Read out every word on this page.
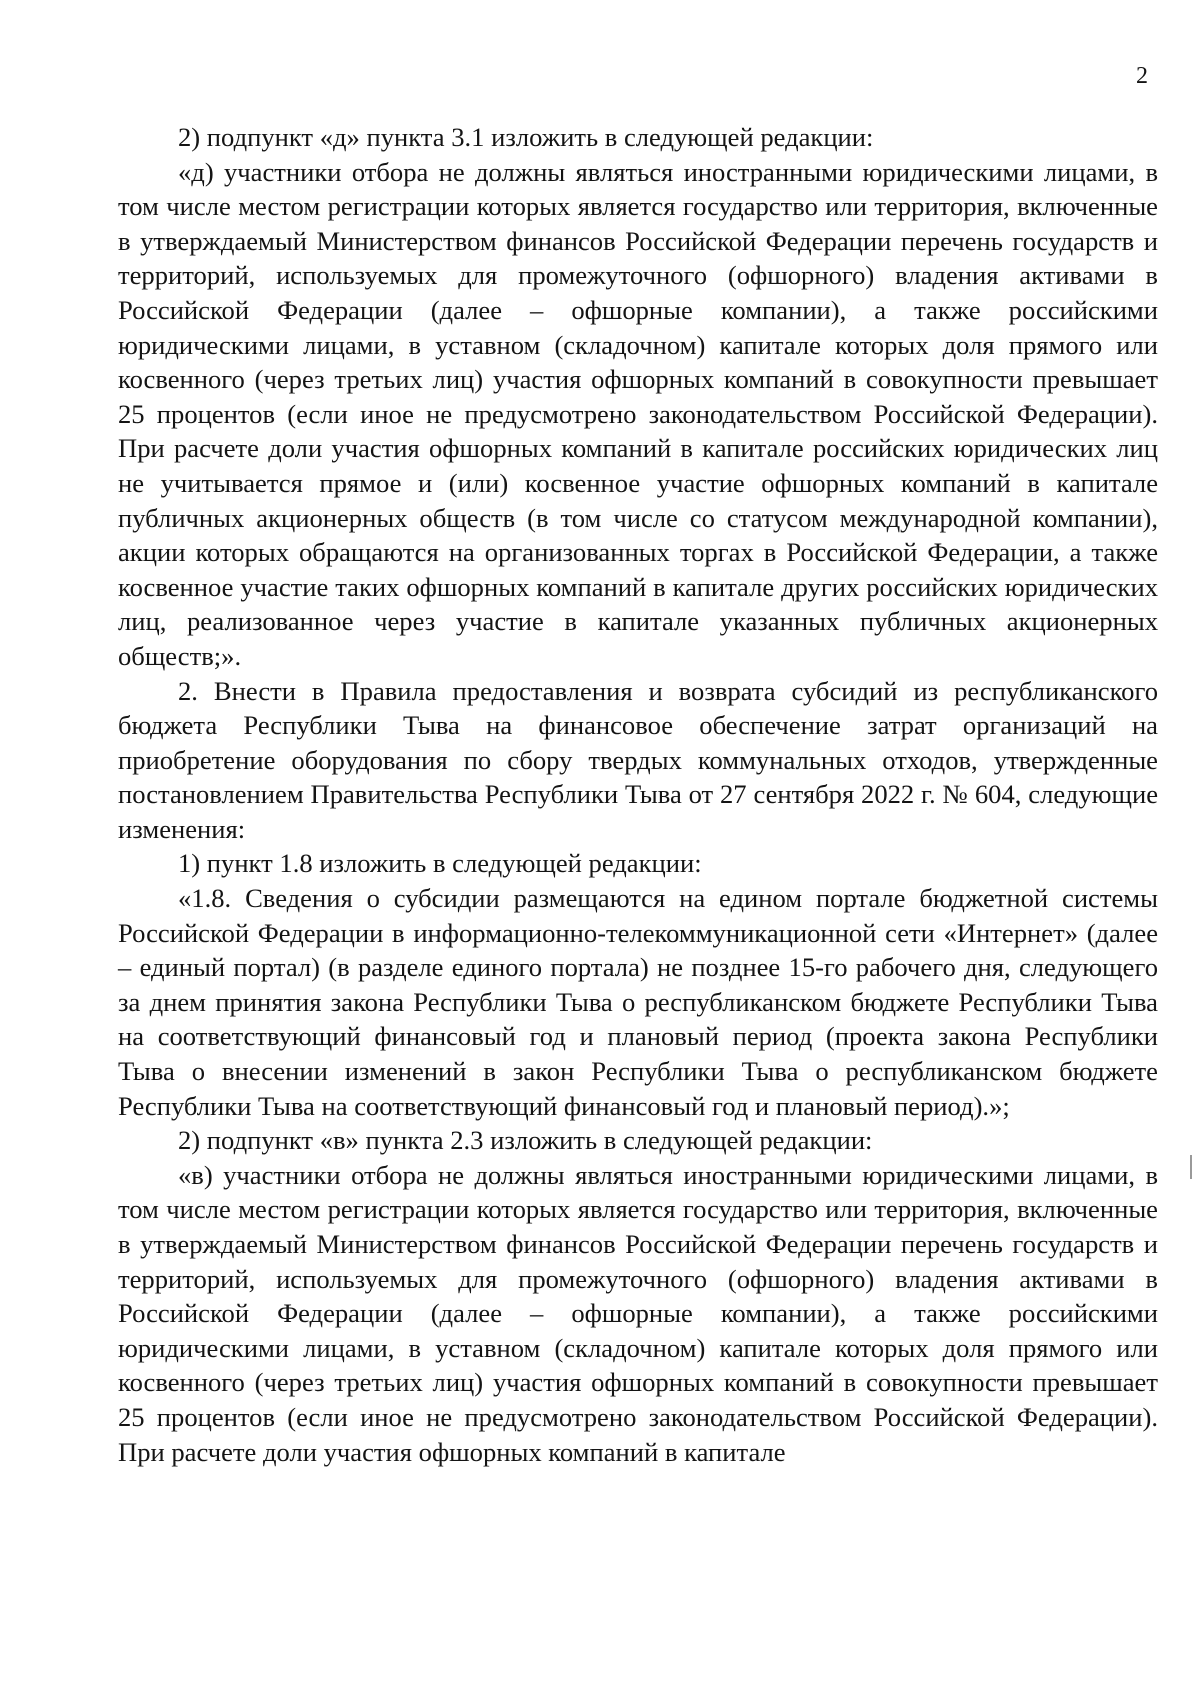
2

2) подпункт «д» пункта 3.1 изложить в следующей редакции:

«д) участники отбора не должны являться иностранными юридическими лицами, в том числе местом регистрации которых является государство или территория, включенные в утверждаемый Министерством финансов Российской Федерации перечень государств и территорий, используемых для промежуточного (офшорного) владения активами в Российской Федерации (далее – офшорные компании), а также российскими юридическими лицами, в уставном (складочном) капитале которых доля прямого или косвенного (через третьих лиц) участия офшорных компаний в совокупности превышает 25 процентов (если иное не предусмотрено законодательством Российской Федерации). При расчете доли участия офшорных компаний в капитале российских юридических лиц не учитывается прямое и (или) косвенное участие офшорных компаний в капитале публичных акционерных обществ (в том числе со статусом международной компании), акции которых обращаются на организованных торгах в Российской Федерации, а также косвенное участие таких офшорных компаний в капитале других российских юридических лиц, реализованное через участие в капитале указанных публичных акционерных обществ;».

2. Внести в Правила предоставления и возврата субсидий из республиканского бюджета Республики Тыва на финансовое обеспечение затрат организаций на приобретение оборудования по сбору твердых коммунальных отходов, утвержденные постановлением Правительства Республики Тыва от 27 сентября 2022 г. № 604, следующие изменения:

1) пункт 1.8 изложить в следующей редакции:

«1.8. Сведения о субсидии размещаются на едином портале бюджетной системы Российской Федерации в информационно-телекоммуникационной сети «Интернет» (далее – единый портал) (в разделе единого портала) не позднее 15-го рабочего дня, следующего за днем принятия закона Республики Тыва о республиканском бюджете Республики Тыва на соответствующий финансовый год и плановый период (проекта закона Республики Тыва о внесении изменений в закон Республики Тыва о республиканском бюджете Республики Тыва на соответствующий финансовый год и плановый период).»;

2) подпункт «в» пункта 2.3 изложить в следующей редакции:

«в) участники отбора не должны являться иностранными юридическими лицами, в том числе местом регистрации которых является государство или территория, включенные в утверждаемый Министерством финансов Российской Федерации перечень государств и территорий, используемых для промежуточного (офшорного) владения активами в Российской Федерации (далее – офшорные компании), а также российскими юридическими лицами, в уставном (складочном) капитале которых доля прямого или косвенного (через третьих лиц) участия офшорных компаний в совокупности превышает 25 процентов (если иное не предусмотрено законодательством Российской Федерации). При расчете доли участия офшорных компаний в капитале
